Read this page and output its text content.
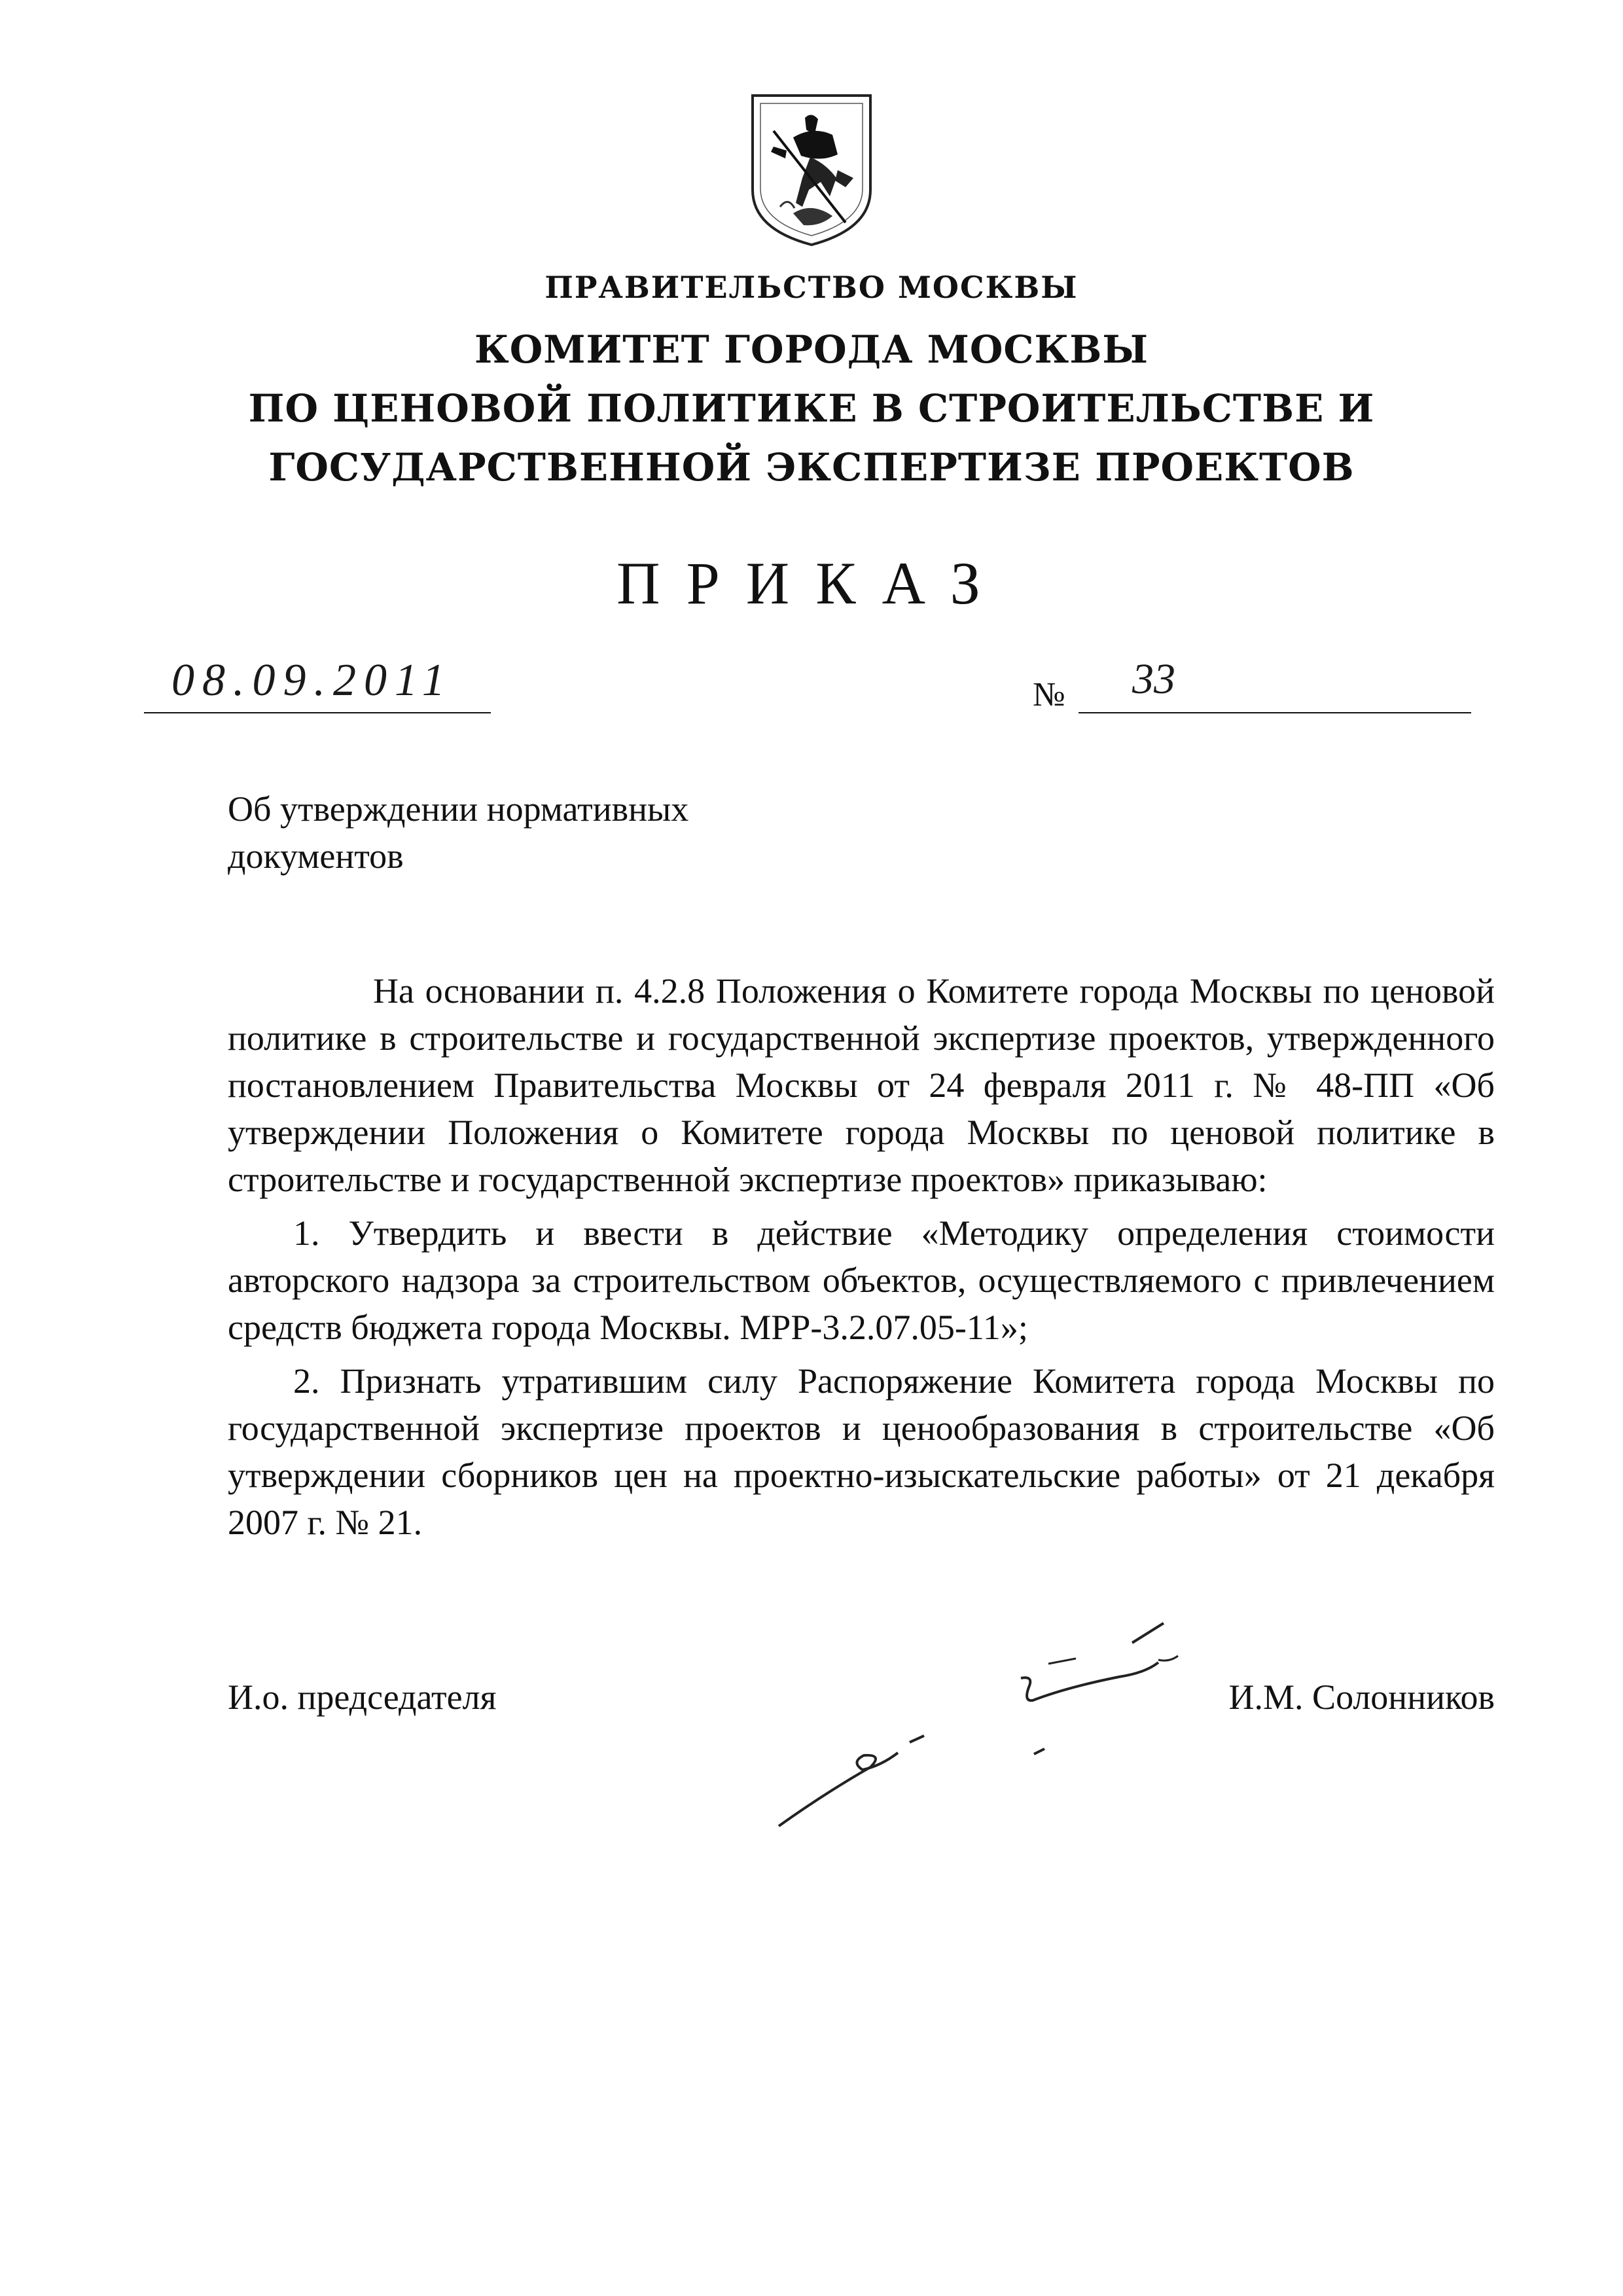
ПРАВИТЕЛЬСТВО МОСКВЫ
КОМИТЕТ ГОРОДА МОСКВЫ
ПО ЦЕНОВОЙ ПОЛИТИКЕ В СТРОИТЕЛЬСТВЕ И
ГОСУДАРСТВЕННОЙ ЭКСПЕРТИЗЕ ПРОЕКТОВ
ПРИКАЗ
08.09.2011	№ 33
Об утверждении нормативных
документов

На основании п. 4.2.8 Положения о Комитете города Москвы по ценовой политике в строительстве и государственной экспертизе проектов, утвержденного постановлением Правительства Москвы от 24 февраля 2011 г. № 48-ПП «Об утверждении Положения о Комитете города Москвы по ценовой политике в строительстве и государственной экспертизе проектов» приказываю:

1. Утвердить и ввести в действие «Методику определения стоимости авторского надзора за строительством объектов, осуществляемого с привлечением средств бюджета города Москвы. МРР-3.2.07.05-11»;

2. Признать утратившим силу Распоряжение Комитета города Москвы по государственной экспертизе проектов и ценообразования в строительстве «Об утверждении сборников цен на проектно-изыскательские работы» от 21 декабря 2007 г. № 21.

И.о. председателя	И.М. Солонников
